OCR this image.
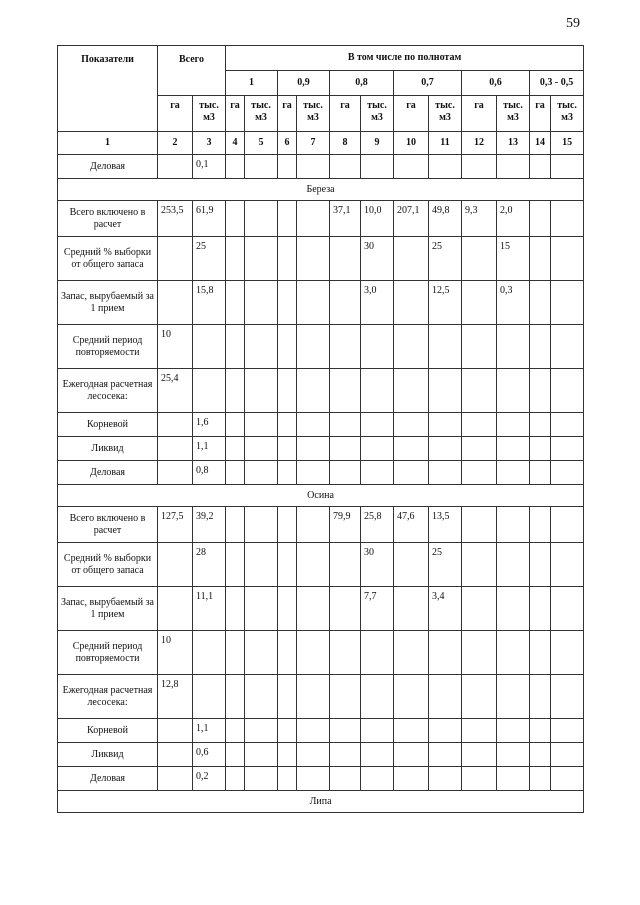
59
Показатели	Всего		В том числе по полнотам											
			1		0,9		0,8		0,7		0,6		0,3 - 0,5	
	га	тыс. м3	га	тыс. м3	га	тыс. м3	га	тыс. м3	га	тыс. м3	га	тыс. м3	га	тыс. м3
1	2	3	4	5	6	7	8	9	10	11	12	13	14	15
Деловая		0,1												
Береза														
Всего включено в расчет	253,5	61,9					37,1	10,0	207,1	49,8	9,3	2,0		
Средний % выборки от общего запаса		25						30		25		15		
Запас, вырубаемый за 1 прием		15,8						3,0		12,5		0,3		
Средний период повторяемости	10													
Ежегодная расчетная лесосека:	25,4													
Корневой		1,6												
Ликвид		1,1												
Деловая		0,8												
Осина														
Всего включено в расчет	127,5	39,2					79,9	25,8	47,6	13,5				
Средний % выборки от общего запаса		28						30		25				
Запас, вырубаемый за 1 прием		11,1						7,7		3,4				
Средний период повторяемости	10													
Ежегодная расчетная лесосека:	12,8													
Корневой		1,1												
Ликвид		0,6												
Деловая		0,2												
Липа														
